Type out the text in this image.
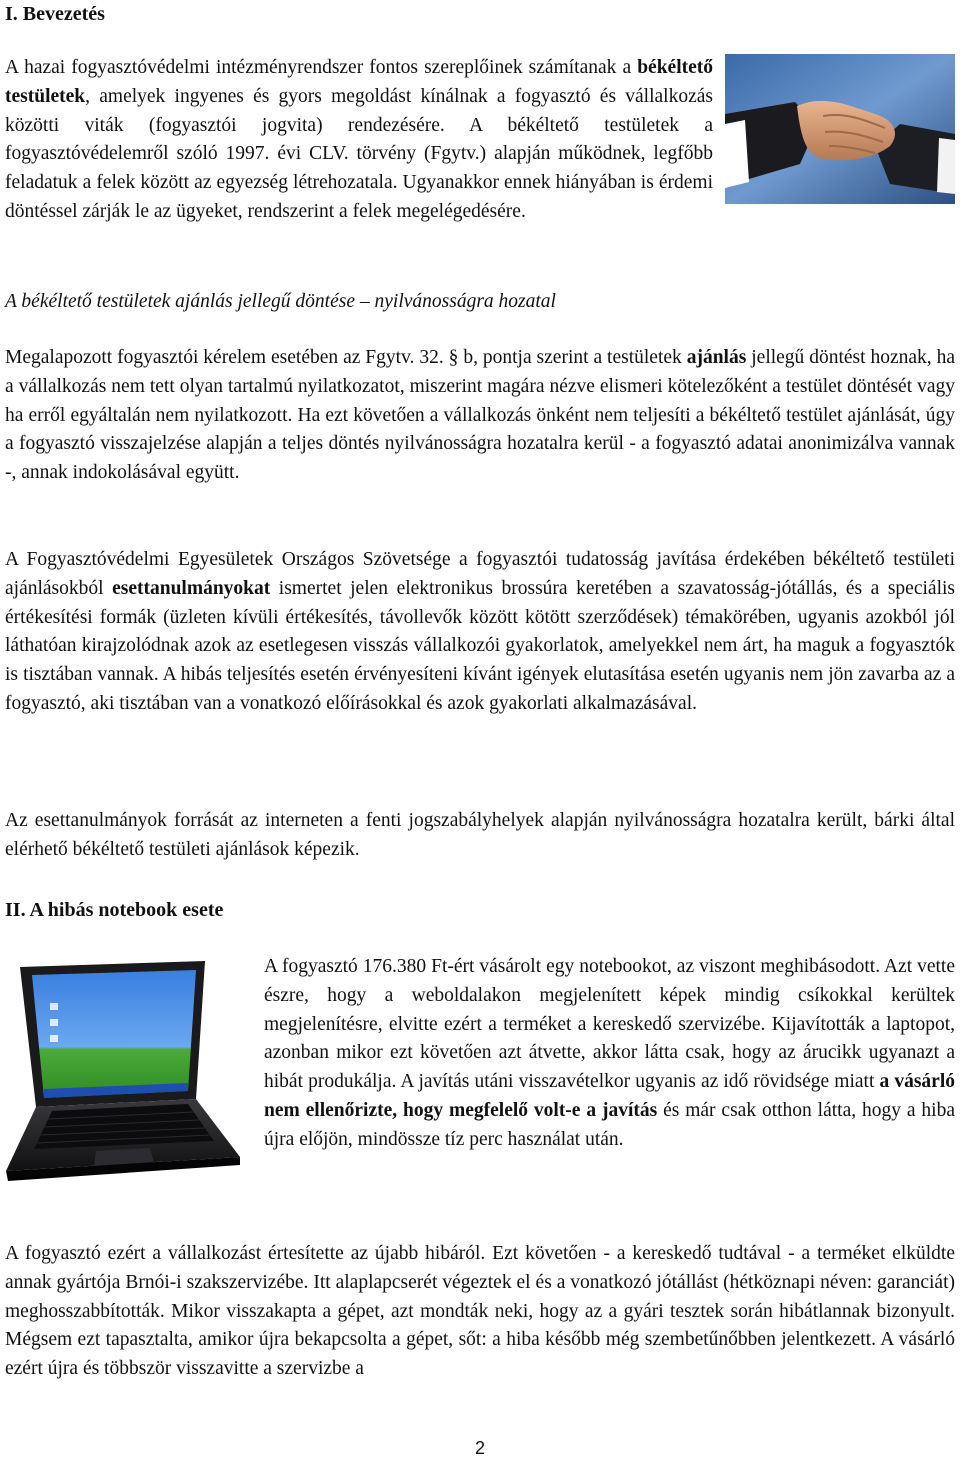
I. Bevezetés
A hazai fogyasztóvédelmi intézményrendszer fontos szereplőinek számítanak a békéltető testületek, amelyek ingyenes és gyors megoldást kínálnak a fogyasztó és vállalkozás közötti viták (fogyasztói jogvita) rendezésére. A békéltető testületek a fogyasztóvédelemről szóló 1997. évi CLV. törvény (Fgytv.) alapján működnek, legfőbb feladatuk a felek között az egyezség létrehozatala. Ugyanakkor ennek hiányában is érdemi döntéssel zárják le az ügyeket, rendszerint a felek megelégedésére.
A békéltető testületek ajánlás jellegű döntése – nyilvánosságra hozatal
Megalapozott fogyasztói kérelem esetében az Fgytv. 32. § b, pontja szerint a testületek ajánlás jellegű döntést hoznak, ha a vállalkozás nem tett olyan tartalmú nyilatkozatot, miszerint magára nézve elismeri kötelezőként a testület döntését vagy ha erről egyáltalán nem nyilatkozott. Ha ezt követően a vállalkozás önként nem teljesíti a békéltető testület ajánlását, úgy a fogyasztó visszajelzése alapján a teljes döntés nyilvánosságra hozatalra kerül - a fogyasztó adatai anonimizálva vannak -, annak indokolásával együtt.
A Fogyasztóvédelmi Egyesületek Országos Szövetsége a fogyasztói tudatosság javítása érdekében békéltető testületi ajánlásokból esettanulmányokat ismertet jelen elektronikus brossúra keretében a szavatosság-jótállás, és a speciális értékesítési formák (üzleten kívüli értékesítés, távollevők között kötött szerződések) témakörében, ugyanis azokból jól láthatóan kirajzolódnak azok az esetlegesen visszás vállalkozói gyakorlatok, amelyekkel nem árt, ha maguk a fogyasztók is tisztában vannak. A hibás teljesítés esetén érvényesíteni kívánt igények elutasítása esetén ugyanis nem jön zavarba az a fogyasztó, aki tisztában van a vonatkozó előírásokkal és azok gyakorlati alkalmazásával.
Az esettanulmányok forrását az interneten a fenti jogszabályhelyek alapján nyilvánosságra hozatalra került, bárki által elérhető békéltető testületi ajánlások képezik.
II. A hibás notebook esete
A fogyasztó 176.380 Ft-ért vásárolt egy notebookot, az viszont meghibásodott. Azt vette észre, hogy a weboldalakon megjelenített képek mindig csíkokkal kerültek megjelenítésre, elvitte ezért a terméket a kereskedő szervizébe. Kijavították a laptopot, azonban mikor ezt követően azt átvette, akkor látta csak, hogy az árucikk ugyanazt a hibát produkálja. A javítás utáni visszavételkor ugyanis az idő rövidsége miatt a vásárló nem ellenőrizte, hogy megfelelő volt-e a javítás és már csak otthon látta, hogy a hiba újra előjön, mindössze tíz perc használat után.
A fogyasztó ezért a vállalkozást értesítette az újabb hibáról. Ezt követően - a kereskedő tudtával - a terméket elküldte annak gyártója Brnói-i szakszervizébe. Itt alaplapcserét végeztek el és a vonatkozó jótállást (hétköznapi néven: garanciát) meghosszabbították. Mikor visszakapta a gépet, azt mondták neki, hogy az a gyári tesztek során hibátlannak bizonyult. Mégsem ezt tapasztalta, amikor újra bekapcsolta a gépet, sőt: a hiba később még szembetűnőbben jelentkezett. A vásárló ezért újra és többször visszavitte a szervizbe a
2
